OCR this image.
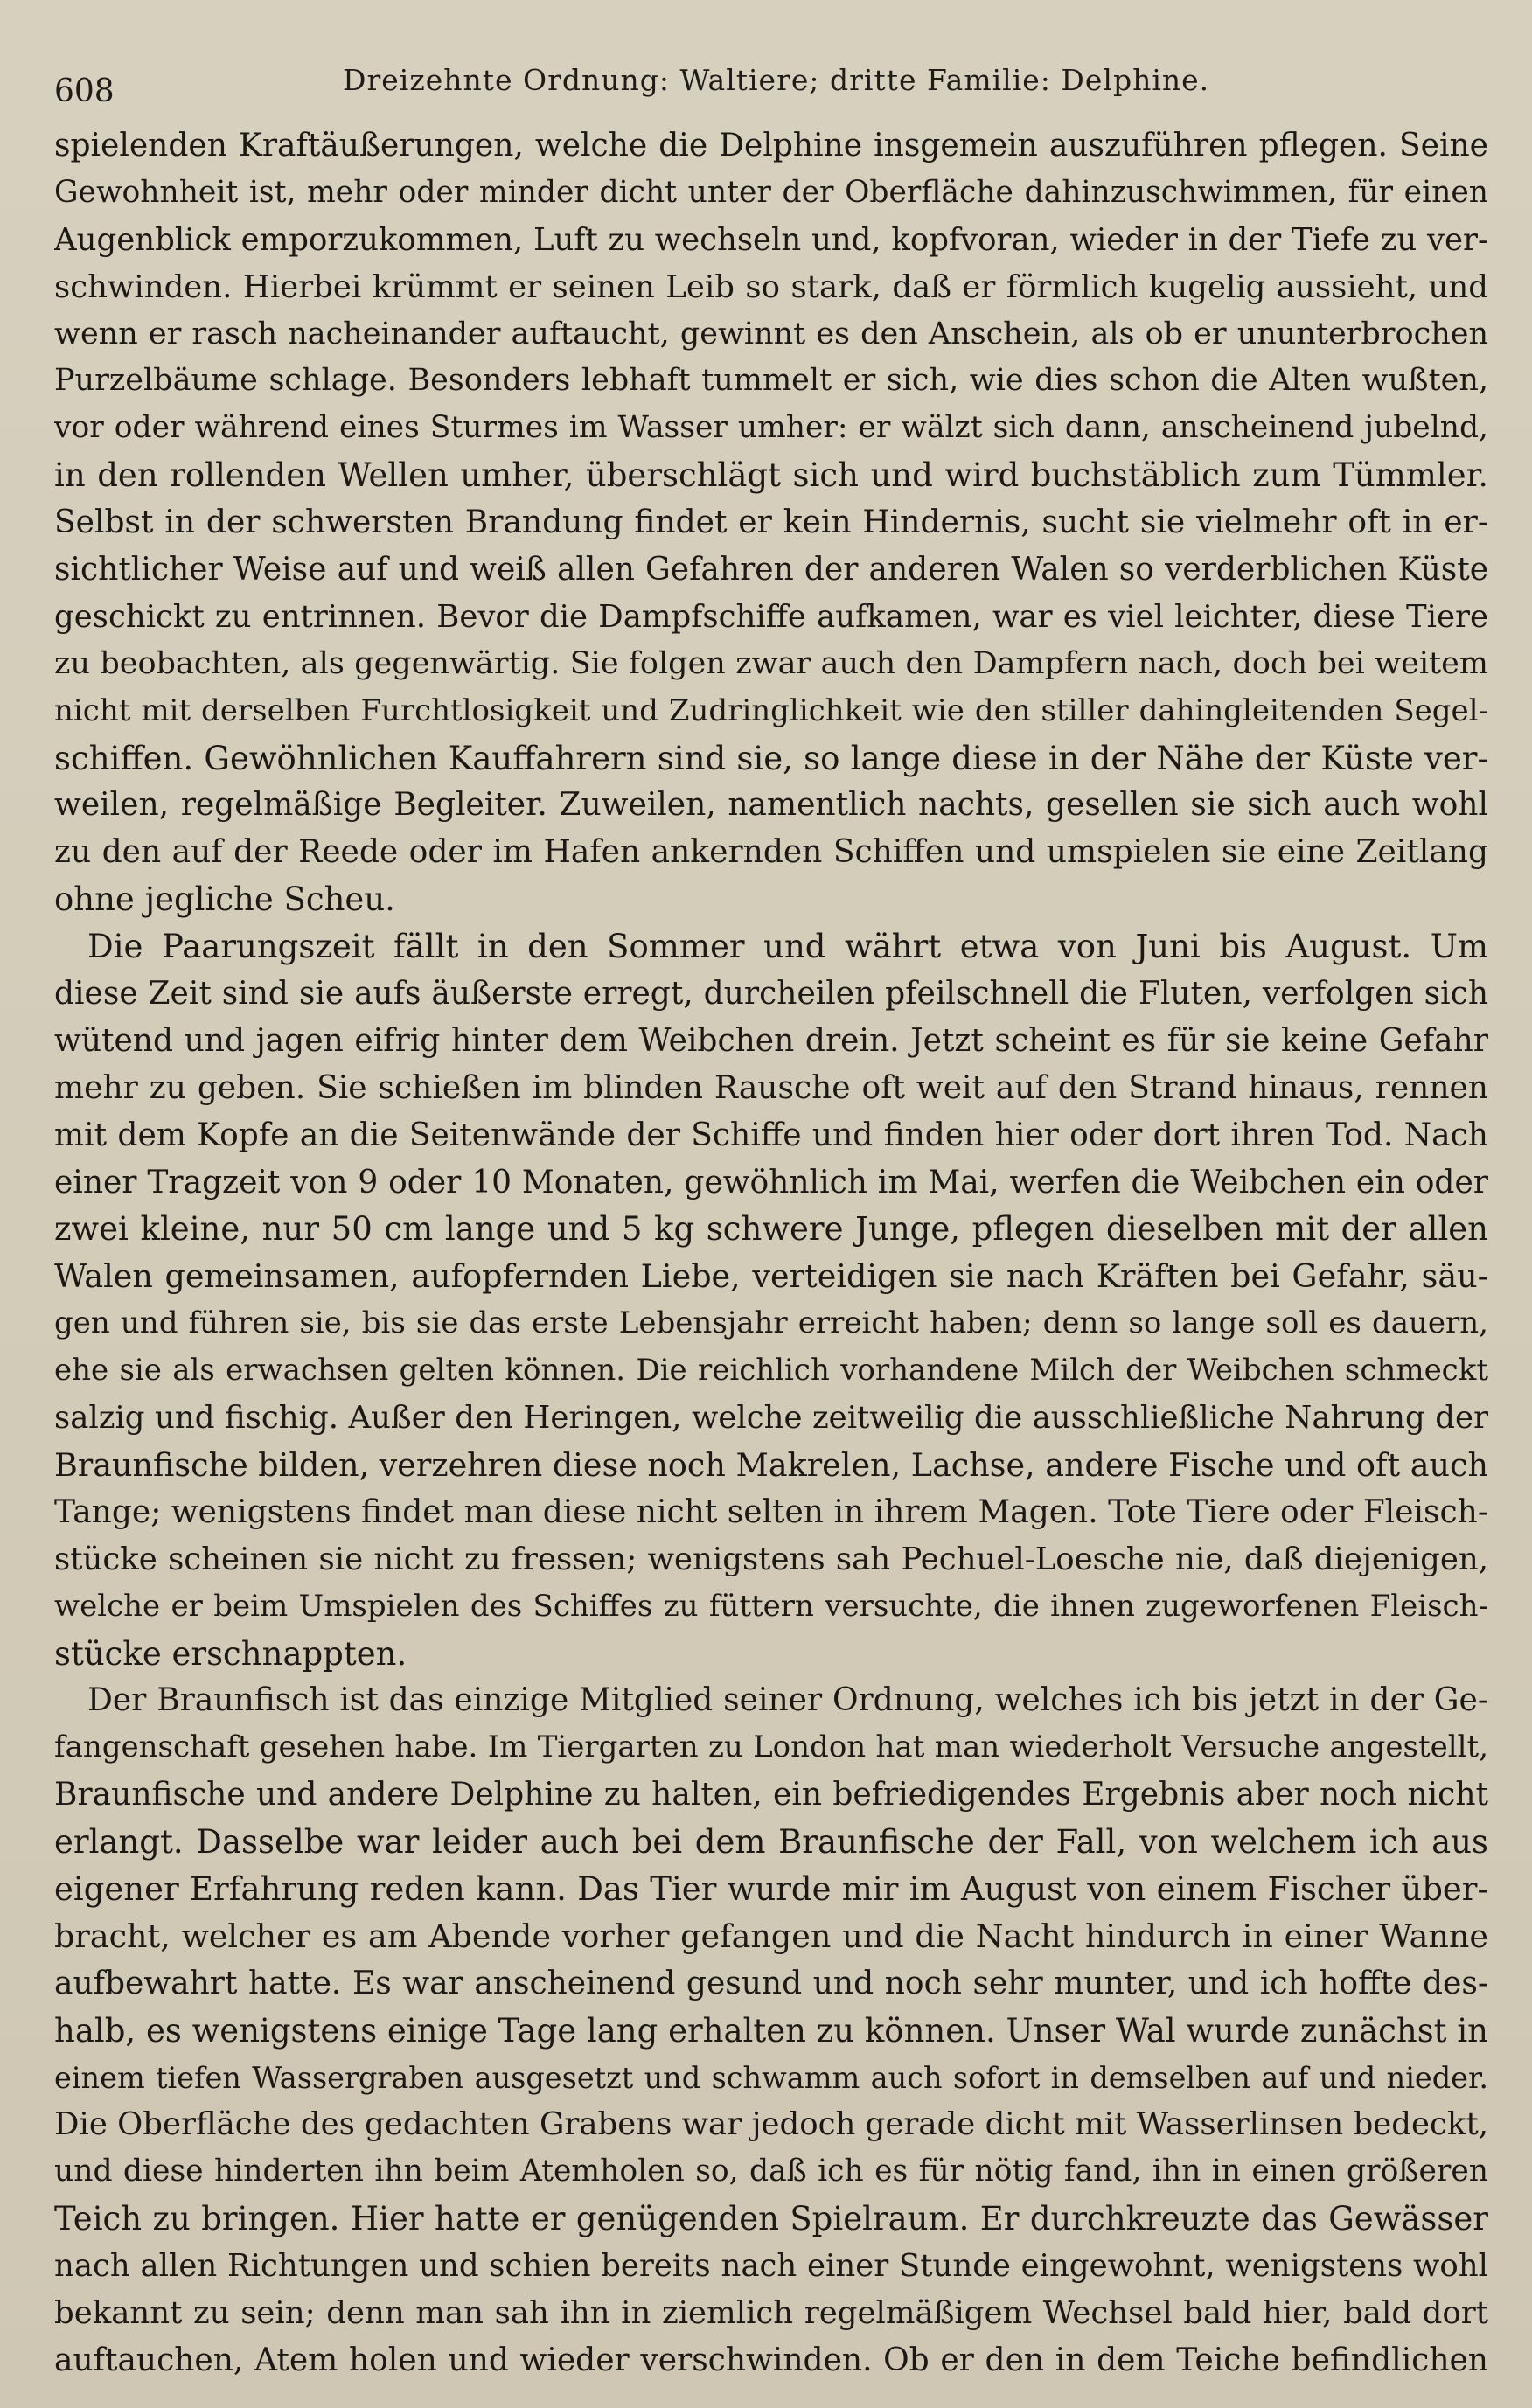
608	Dreizehnte Ordnung: Waltiere; dritte Familie: Delphine.
spielenden Kraftäußerungen, welche die Delphine insgemein auszuführen pflegen. Seine
Gewohnheit ist, mehr oder minder dicht unter der Oberfläche dahinzuschwimmen, für einen
Augenblick emporzukommen, Luft zu wechseln und, kopfvoran, wieder in der Tiefe zu ver-
schwinden. Hierbei krümmt er seinen Leib so stark, daß er förmlich kugelig aussieht, und
wenn er rasch nacheinander auftaucht, gewinnt es den Anschein, als ob er ununterbrochen
Purzelbäume schlage. Besonders lebhaft tummelt er sich, wie dies schon die Alten wußten,
vor oder während eines Sturmes im Wasser umher: er wälzt sich dann, anscheinend jubelnd,
in den rollenden Wellen umher, überschlägt sich und wird buchstäblich zum Tümmler.
Selbst in der schwersten Brandung findet er kein Hindernis, sucht sie vielmehr oft in er-
sichtlicher Weise auf und weiß allen Gefahren der anderen Walen so verderblichen Küste
geschickt zu entrinnen. Bevor die Dampfschiffe aufkamen, war es viel leichter, diese Tiere
zu beobachten, als gegenwärtig. Sie folgen zwar auch den Dampfern nach, doch bei weitem
nicht mit derselben Furchtlosigkeit und Zudringlichkeit wie den stiller dahingleitenden Segel-
schiffen. Gewöhnlichen Kauffahrern sind sie, so lange diese in der Nähe der Küste ver-
weilen, regelmäßige Begleiter. Zuweilen, namentlich nachts, gesellen sie sich auch wohl
zu den auf der Reede oder im Hafen ankernden Schiffen und umspielen sie eine Zeitlang
ohne jegliche Scheu.
Die Paarungszeit fällt in den Sommer und währt etwa von Juni bis August. Um
diese Zeit sind sie aufs äußerste erregt, durcheilen pfeilschnell die Fluten, verfolgen sich
wütend und jagen eifrig hinter dem Weibchen drein. Jetzt scheint es für sie keine Gefahr
mehr zu geben. Sie schießen im blinden Rausche oft weit auf den Strand hinaus, rennen
mit dem Kopfe an die Seitenwände der Schiffe und finden hier oder dort ihren Tod. Nach
einer Tragzeit von 9 oder 10 Monaten, gewöhnlich im Mai, werfen die Weibchen ein oder
zwei kleine, nur 50 cm lange und 5 kg schwere Junge, pflegen dieselben mit der allen
Walen gemeinsamen, aufopfernden Liebe, verteidigen sie nach Kräften bei Gefahr, säu-
gen und führen sie, bis sie das erste Lebensjahr erreicht haben; denn so lange soll es dauern,
ehe sie als erwachsen gelten können. Die reichlich vorhandene Milch der Weibchen schmeckt
salzig und fischig. Außer den Heringen, welche zeitweilig die ausschließliche Nahrung der
Braunfische bilden, verzehren diese noch Makrelen, Lachse, andere Fische und oft auch
Tange; wenigstens findet man diese nicht selten in ihrem Magen. Tote Tiere oder Fleisch-
stücke scheinen sie nicht zu fressen; wenigstens sah Pechuel-Loesche nie, daß diejenigen,
welche er beim Umspielen des Schiffes zu füttern versuchte, die ihnen zugeworfenen Fleisch-
stücke erschnappten.
Der Braunfisch ist das einzige Mitglied seiner Ordnung, welches ich bis jetzt in der Ge-
fangenschaft gesehen habe. Im Tiergarten zu London hat man wiederholt Versuche angestellt,
Braunfische und andere Delphine zu halten, ein befriedigendes Ergebnis aber noch nicht
erlangt. Dasselbe war leider auch bei dem Braunfische der Fall, von welchem ich aus
eigener Erfahrung reden kann. Das Tier wurde mir im August von einem Fischer über-
bracht, welcher es am Abende vorher gefangen und die Nacht hindurch in einer Wanne
aufbewahrt hatte. Es war anscheinend gesund und noch sehr munter, und ich hoffte des-
halb, es wenigstens einige Tage lang erhalten zu können. Unser Wal wurde zunächst in
einem tiefen Wassergraben ausgesetzt und schwamm auch sofort in demselben auf und nieder.
Die Oberfläche des gedachten Grabens war jedoch gerade dicht mit Wasserlinsen bedeckt,
und diese hinderten ihn beim Atemholen so, daß ich es für nötig fand, ihn in einen größeren
Teich zu bringen. Hier hatte er genügenden Spielraum. Er durchkreuzte das Gewässer
nach allen Richtungen und schien bereits nach einer Stunde eingewohnt, wenigstens wohl
bekannt zu sein; denn man sah ihn in ziemlich regelmäßigem Wechsel bald hier, bald dort
auftauchen, Atem holen und wieder verschwinden. Ob er den in dem Teiche befindlichen
